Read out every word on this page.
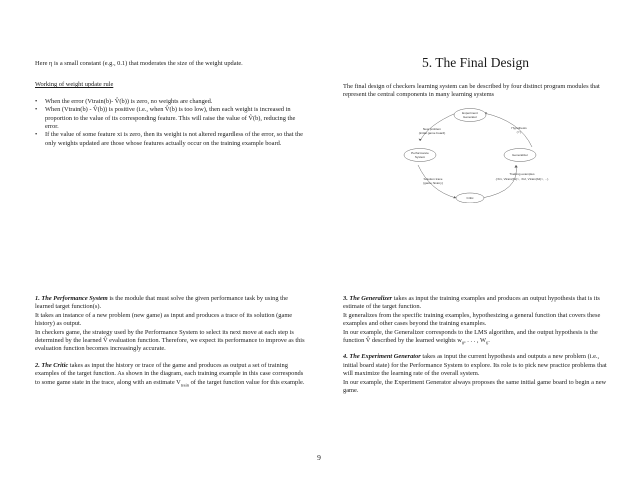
Here η is a small constant (e.g., 0.1) that moderates the size of the weight update.

Working of weight update rule

• When the error (Vtrain(b)- V̂(b)) is zero, no weights are changed.
• When (Vtrain(b) - V̂(b)) is positive (i.e., when V̂(b) is too low), then each weight is increased in proportion to the value of its corresponding feature. This will raise the value of V̂(b), reducing the error.
• If the value of some feature xi is zero, then its weight is not altered regardless of the error, so that the only weights updated are those whose features actually occur on the training example board.
5. The Final Design

The final design of checkers learning system can be described by four distinct program modules that represent the central components in many learning systems

Experiment
Generator
Performance
System	Generalizer
Critic
New problem
(initial game board)
Hypothesis
( f )
Solution trace
(game history)
Training examples
{<b1, Vtrain(b1)>, <b2, Vtrain(b2)>, ...}

1. The Performance System is the module that must solve the given performance task by using the learned target function(s).

It takes an instance of a new problem (new game) as input and produces a trace of its solution (game history) as output.

In checkers game, the strategy used by the Performance System to select its next move at each step is determined by the learned V̂ evaluation function. Therefore, we expect its performance to improve as this evaluation function becomes increasingly accurate.

2. The Critic takes as input the history or trace of the game and produces as output a set of training examples of the target function. As shown in the diagram, each training example in this case corresponds to some game state in the trace, along with an estimate $V_{train}$ of the target function value for this example.

3. The Generalizer takes as input the training examples and produces an output hypothesis that is its estimate of the target function.

It generalizes from the specific training examples, hypothesizing a general function that covers these examples and other cases beyond the training examples.

In our example, the Generalizer corresponds to the LMS algorithm, and the output hypothesis is the function V̂ described by the learned weights $w_0$, . . . , $W_6$.

4. The Experiment Generator takes as input the current hypothesis and outputs a new problem (i.e., initial board state) for the Performance System to explore. Its role is to pick new practice problems that will maximize the learning rate of the overall system.

In our example, the Experiment Generator always proposes the same initial game board to begin a new game.

9
